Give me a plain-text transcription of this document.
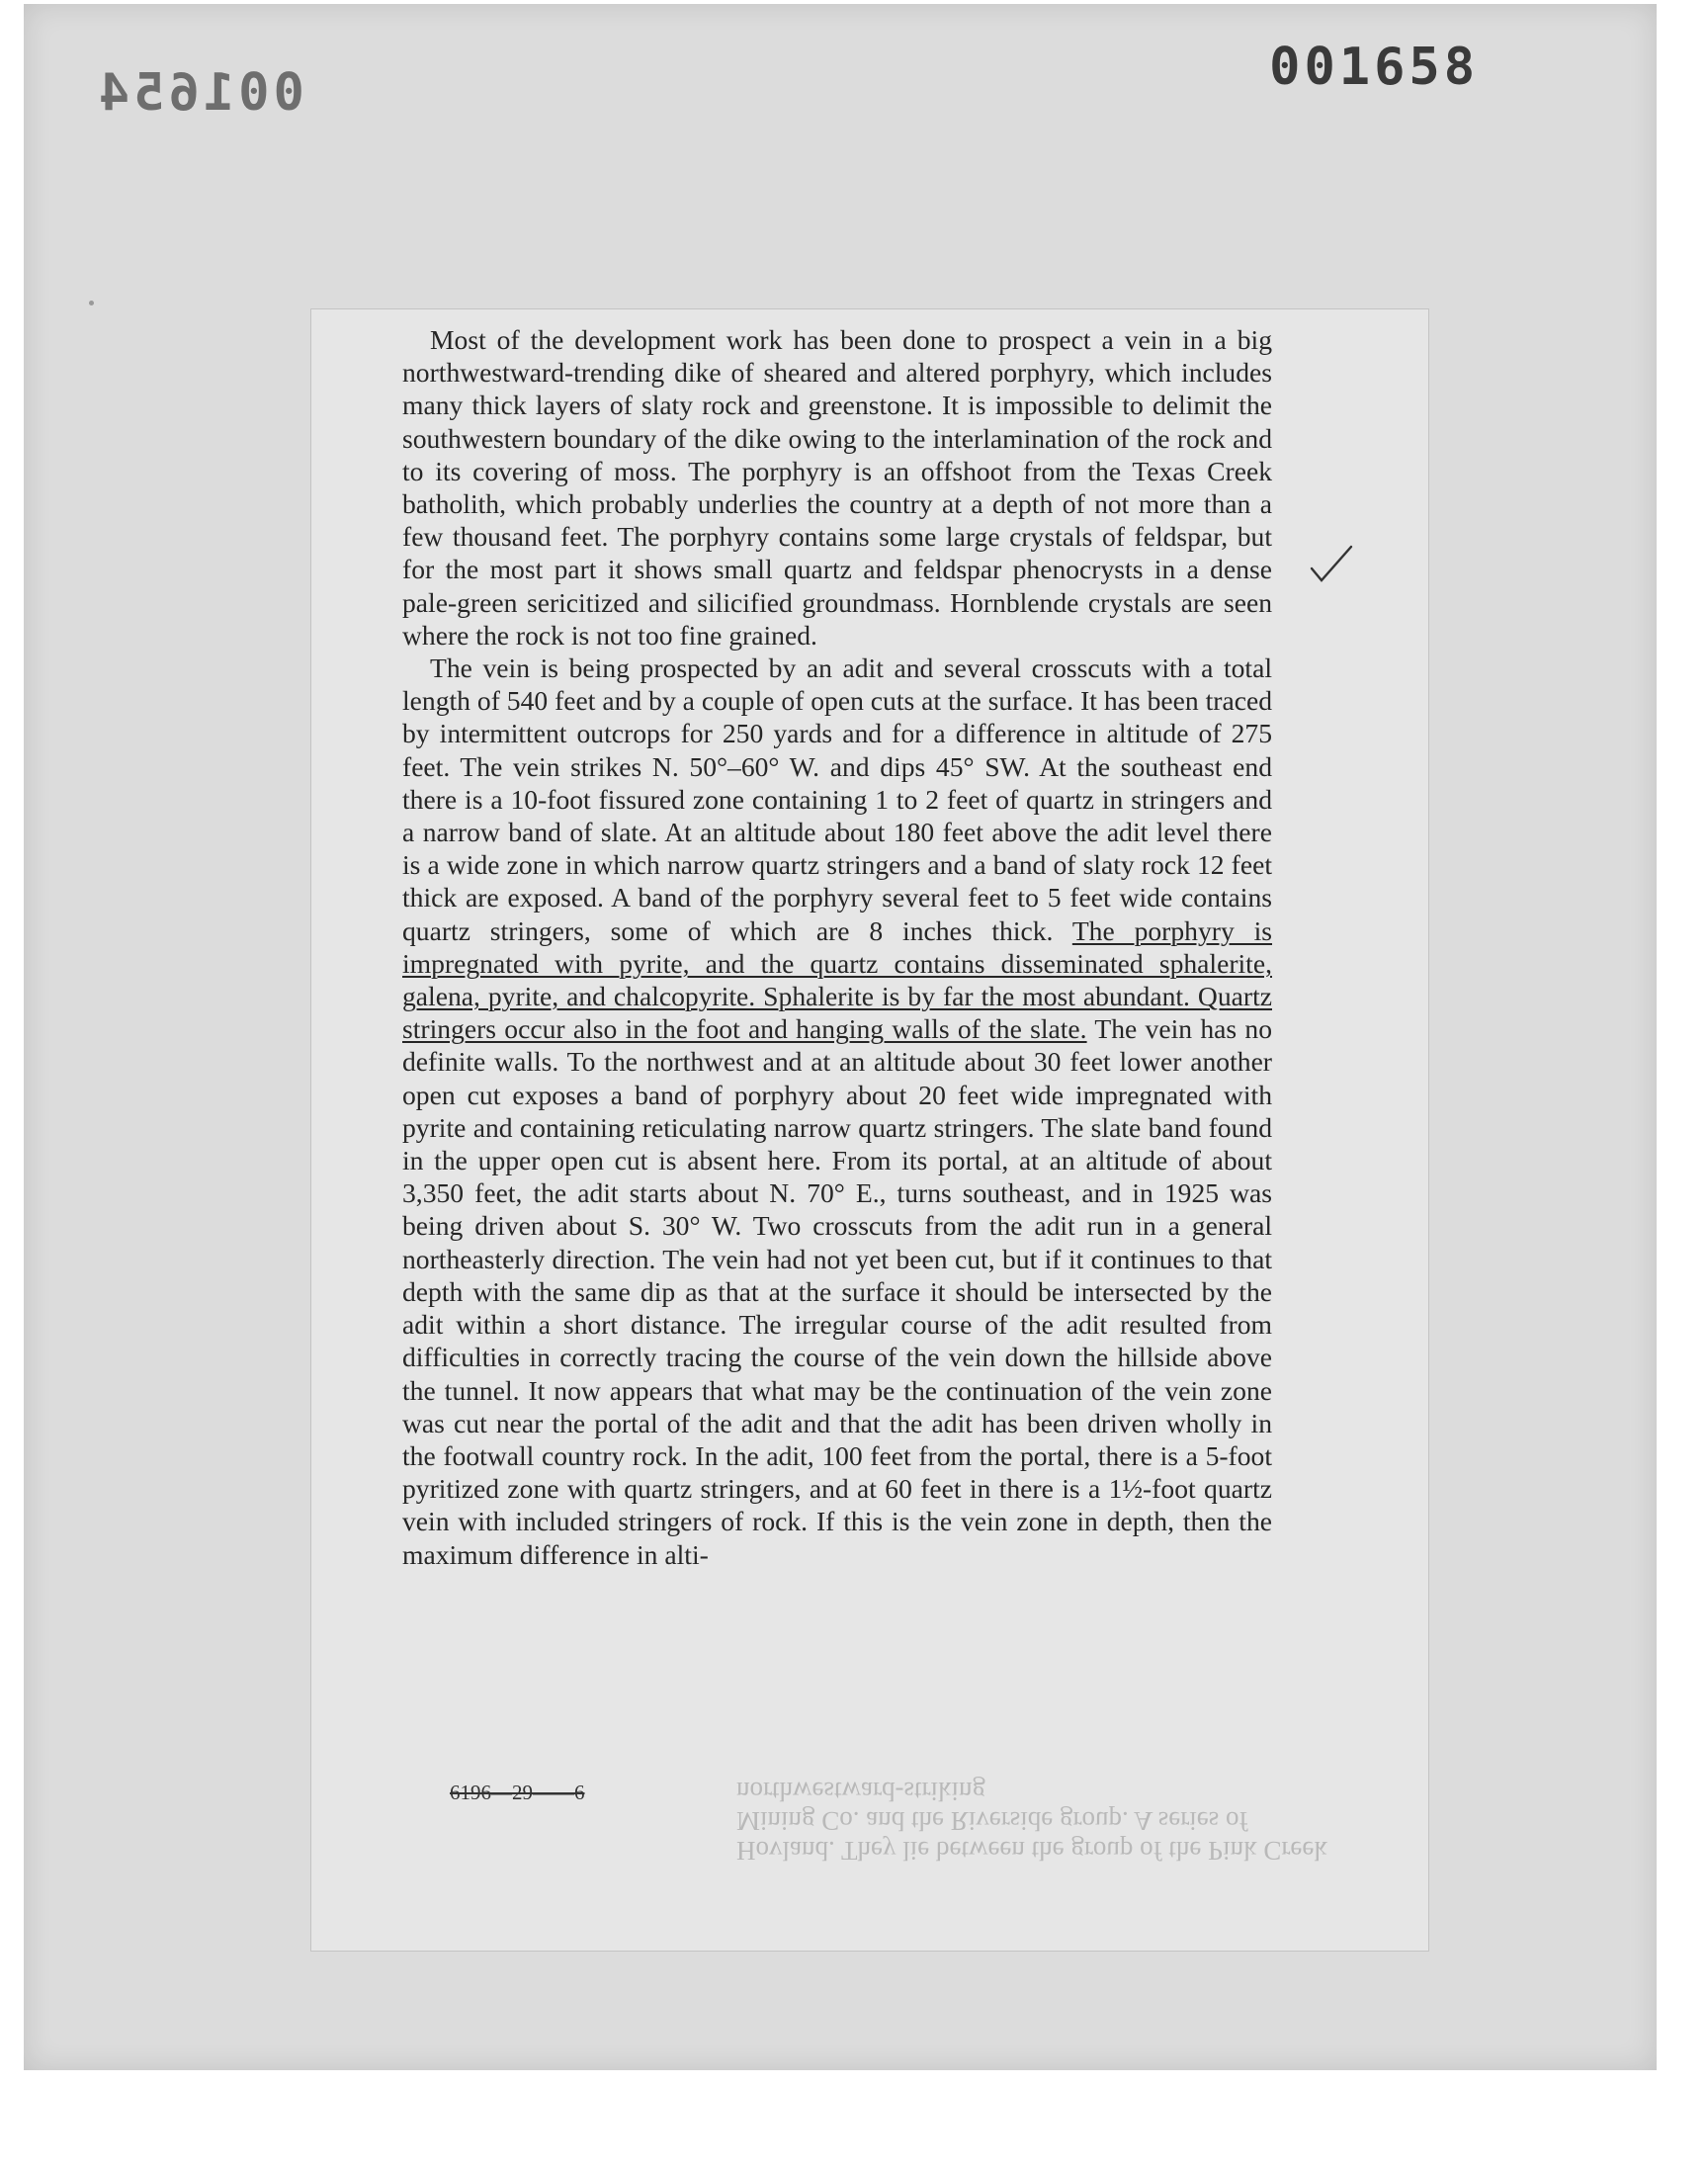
001658
001654

Most of the development work has been done to prospect a vein in a big northwestward-trending dike of sheared and altered porphyry, which includes many thick layers of slaty rock and greenstone. It is impossible to delimit the southwestern boundary of the dike owing to the interlamination of the rock and to its covering of moss. The porphyry is an offshoot from the Texas Creek batholith, which probably underlies the country at a depth of not more than a few thousand feet. The porphyry contains some large crystals of feldspar, but for the most part it shows small quartz and feldspar phenocrysts in a dense pale-green sericitized and silicified groundmass. Hornblende crystals are seen where the rock is not too fine grained.

The vein is being prospected by an adit and several crosscuts with a total length of 540 feet and by a couple of open cuts at the surface. It has been traced by intermittent outcrops for 250 yards and for a difference in altitude of 275 feet. The vein strikes N. 50°–60° W. and dips 45° SW. At the southeast end there is a 10-foot fissured zone containing 1 to 2 feet of quartz in stringers and a narrow band of slate. At an altitude about 180 feet above the adit level there is a wide zone in which narrow quartz stringers and a band of slaty rock 12 feet thick are exposed. A band of the porphyry several feet to 5 feet wide contains quartz stringers, some of which are 8 inches thick. The porphyry is impregnated with pyrite, and the quartz contains disseminated sphalerite, galena, pyrite, and chalcopyrite. Sphalerite is by far the most abundant. Quartz stringers occur also in the foot and hanging walls of the slate. The vein has no definite walls. To the northwest and at an altitude about 30 feet lower another open cut exposes a band of porphyry about 20 feet wide impregnated with pyrite and containing reticulating narrow quartz stringers. The slate band found in the upper open cut is absent here. From its portal, at an altitude of about 3,350 feet, the adit starts about N. 70° E., turns southeast, and in 1925 was being driven about S. 30° W. Two crosscuts from the adit run in a general northeasterly direction. The vein had not yet been cut, but if it continues to that depth with the same dip as that at the surface it should be intersected by the adit within a short distance. The irregular course of the adit resulted from difficulties in correctly tracing the course of the vein down the hillside above the tunnel. It now appears that what may be the continuation of the vein zone was cut near the portal of the adit and that the adit has been driven wholly in the footwall country rock. In the adit, 100 feet from the portal, there is a 5-foot pyritized zone with quartz stringers, and at 60 feet in there is a 1½-foot quartz vein with included stringers of rock. If this is the vein zone in depth, then the maximum difference in alti-

6196—29——6
Hovland. They lie between the group of the Pink Creek Mining Co. and the Riverside group. A series of northwestward-striking
